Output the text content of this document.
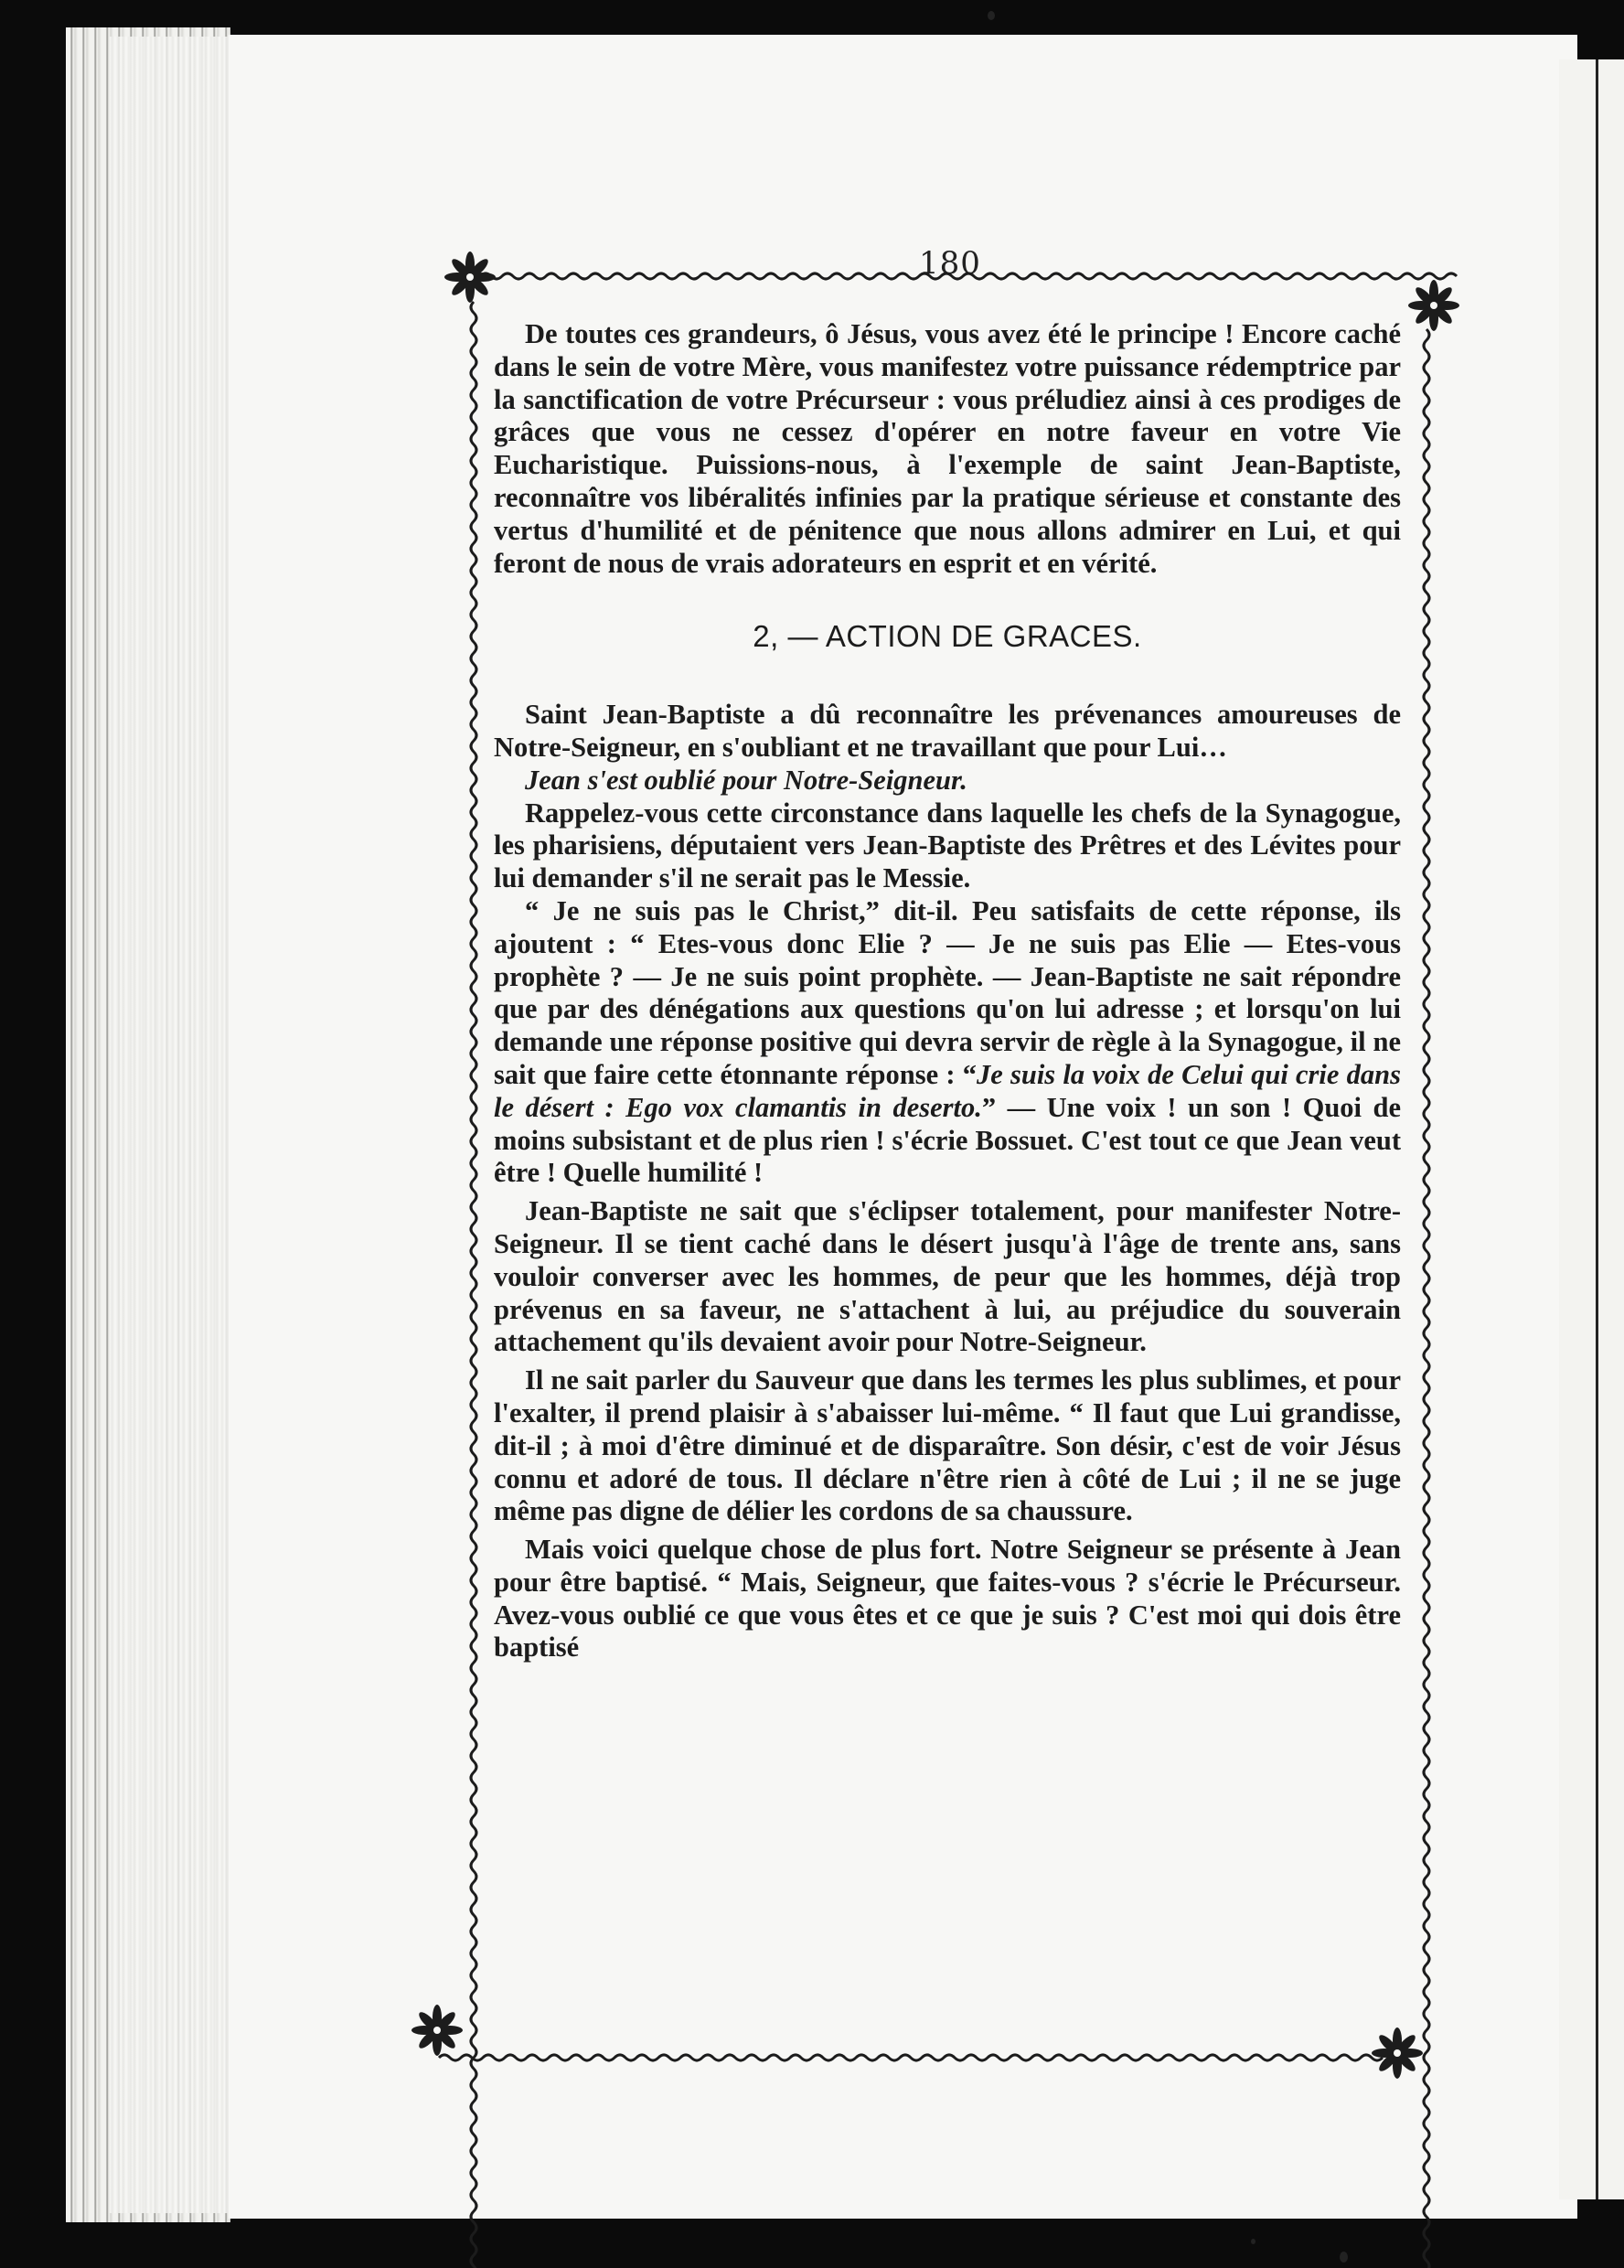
180

De toutes ces grandeurs, ô Jésus, vous avez été le principe ! Encore caché dans le sein de votre Mère, vous manifestez votre puissance rédemptrice par la sanctification de votre Précurseur : vous préludiez ainsi à ces prodiges de grâces que vous ne cessez d'opérer en notre faveur en votre Vie Eucharistique. Puissions-nous, à l'exemple de saint Jean-Baptiste, reconnaître vos libéralités infinies par la pratique sérieuse et constante des vertus d'humilité et de pénitence que nous allons admirer en Lui, et qui feront de nous de vrais adorateurs en esprit et en vérité.

2, — ACTION DE GRACES.

Saint Jean-Baptiste a dû reconnaître les prévenances amoureuses de Notre-Seigneur, en s'oubliant et ne travaillant que pour Lui…

Jean s'est oublié pour Notre-Seigneur.

Rappelez-vous cette circonstance dans laquelle les chefs de la Synagogue, les pharisiens, députaient vers Jean-Baptiste des Prêtres et des Lévites pour lui demander s'il ne serait pas le Messie.

“ Je ne suis pas le Christ,” dit-il. Peu satisfaits de cette réponse, ils ajoutent : “ Etes-vous donc Elie ? — Je ne suis pas Elie — Etes-vous prophète ? — Je ne suis point prophète. — Jean-Baptiste ne sait répondre que par des dénégations aux questions qu'on lui adresse ; et lorsqu'on lui demande une réponse positive qui devra servir de règle à la Synagogue, il ne sait que faire cette étonnante réponse : “Je suis la voix de Celui qui crie dans le désert : Ego vox clamantis in deserto.” — Une voix ! un son ! Quoi de moins subsistant et de plus rien ! s'écrie Bossuet. C'est tout ce que Jean veut être ! Quelle humilité !

Jean-Baptiste ne sait que s'éclipser totalement, pour manifester Notre-Seigneur. Il se tient caché dans le désert jusqu'à l'âge de trente ans, sans vouloir converser avec les hommes, de peur que les hommes, déjà trop prévenus en sa faveur, ne s'attachent à lui, au préjudice du souverain attachement qu'ils devaient avoir pour Notre-Seigneur.

Il ne sait parler du Sauveur que dans les termes les plus sublimes, et pour l'exalter, il prend plaisir à s'abaisser lui-même. “ Il faut que Lui grandisse, dit-il ; à moi d'être diminué et de disparaître. Son désir, c'est de voir Jésus connu et adoré de tous. Il déclare n'être rien à côté de Lui ; il ne se juge même pas digne de délier les cordons de sa chaussure.

Mais voici quelque chose de plus fort. Notre Seigneur se présente à Jean pour être baptisé. “ Mais, Seigneur, que faites-vous ? s'écrie le Précurseur. Avez-vous oublié ce que vous êtes et ce que je suis ? C'est moi qui dois être baptisé
